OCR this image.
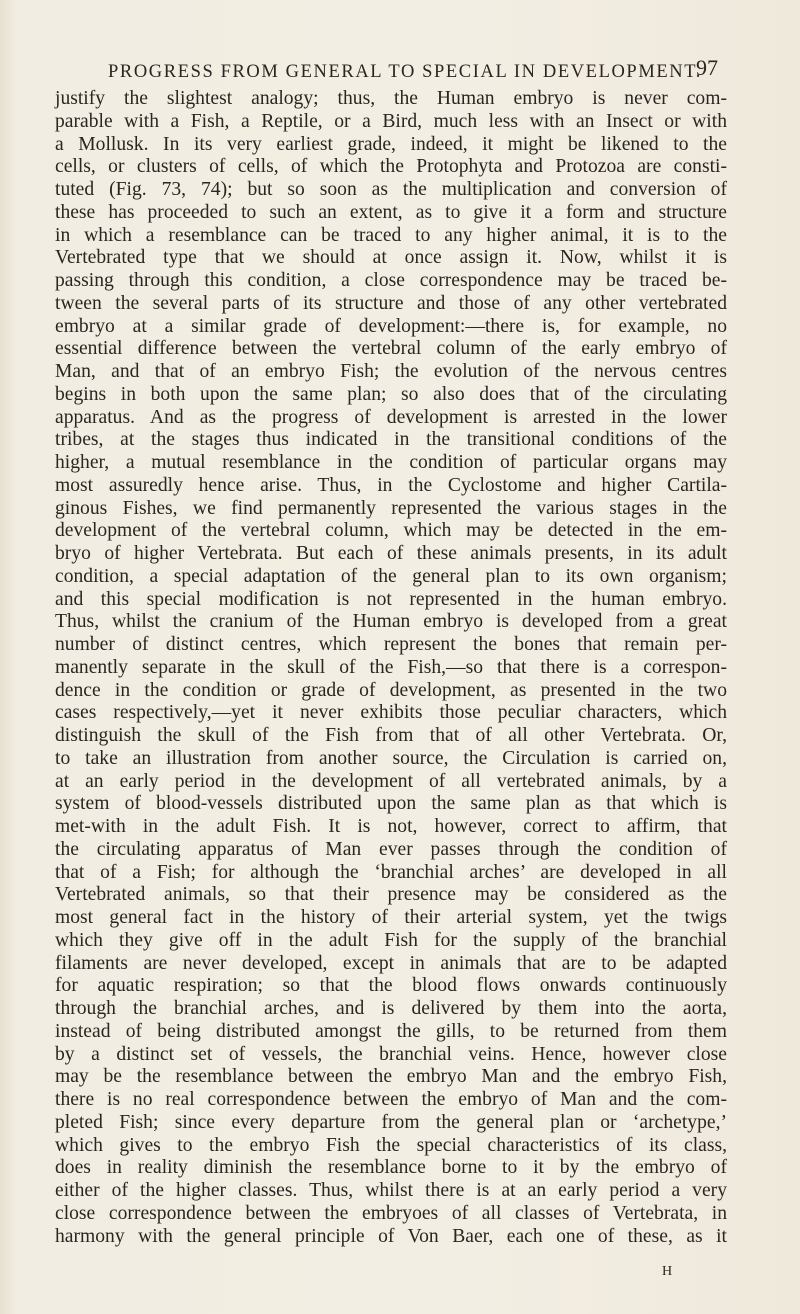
PROGRESS FROM GENERAL TO SPECIAL IN DEVELOPMENT.
97
justify the slightest analogy; thus, the Human embryo is never com-
parable with a Fish, a Reptile, or a Bird, much less with an Insect or with
a Mollusk. In its very earliest grade, indeed, it might be likened to the
cells, or clusters of cells, of which the Protophyta and Protozoa are consti-
tuted (Fig. 73, 74); but so soon as the multiplication and conversion of
these has proceeded to such an extent, as to give it a form and structure
in which a resemblance can be traced to any higher animal, it is to the
Vertebrated type that we should at once assign it. Now, whilst it is
passing through this condition, a close correspondence may be traced be-
tween the several parts of its structure and those of any other vertebrated
embryo at a similar grade of development:—there is, for example, no
essential difference between the vertebral column of the early embryo of
Man, and that of an embryo Fish; the evolution of the nervous centres
begins in both upon the same plan; so also does that of the circulating
apparatus. And as the progress of development is arrested in the lower
tribes, at the stages thus indicated in the transitional conditions of the
higher, a mutual resemblance in the condition of particular organs may
most assuredly hence arise. Thus, in the Cyclostome and higher Cartila-
ginous Fishes, we find permanently represented the various stages in the
development of the vertebral column, which may be detected in the em-
bryo of higher Vertebrata. But each of these animals presents, in its adult
condition, a special adaptation of the general plan to its own organism;
and this special modification is not represented in the human embryo.
Thus, whilst the cranium of the Human embryo is developed from a great
number of distinct centres, which represent the bones that remain per-
manently separate in the skull of the Fish,—so that there is a correspon-
dence in the condition or grade of development, as presented in the two
cases respectively,—yet it never exhibits those peculiar characters, which
distinguish the skull of the Fish from that of all other Vertebrata. Or,
to take an illustration from another source, the Circulation is carried on,
at an early period in the development of all vertebrated animals, by a
system of blood-vessels distributed upon the same plan as that which is
met-with in the adult Fish. It is not, however, correct to affirm, that
the circulating apparatus of Man ever passes through the condition of
that of a Fish; for although the ‘branchial arches’ are developed in all
Vertebrated animals, so that their presence may be considered as the
most general fact in the history of their arterial system, yet the twigs
which they give off in the adult Fish for the supply of the branchial
filaments are never developed, except in animals that are to be adapted
for aquatic respiration; so that the blood flows onwards continuously
through the branchial arches, and is delivered by them into the aorta,
instead of being distributed amongst the gills, to be returned from them
by a distinct set of vessels, the branchial veins. Hence, however close
may be the resemblance between the embryo Man and the embryo Fish,
there is no real correspondence between the embryo of Man and the com-
pleted Fish; since every departure from the general plan or ‘archetype,’
which gives to the embryo Fish the special characteristics of its class,
does in reality diminish the resemblance borne to it by the embryo of
either of the higher classes. Thus, whilst there is at an early period a very
close correspondence between the embryoes of all classes of Vertebrata, in
harmony with the general principle of Von Baer, each one of these, as it
H
